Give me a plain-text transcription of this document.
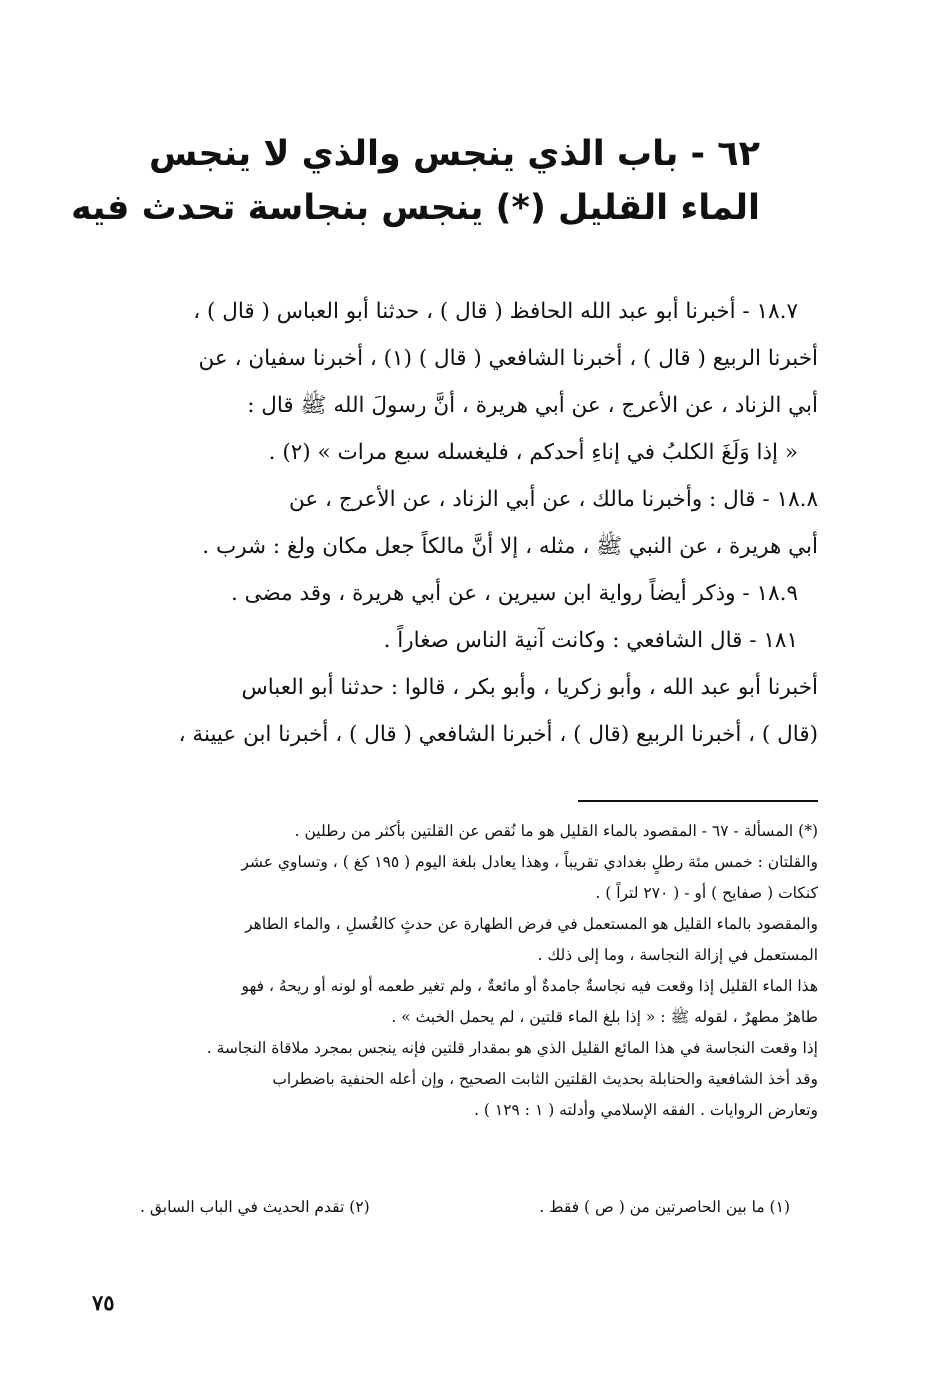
٦٢ - باب الذي ينجس والذي لا ينجس
الماء القليل (*) ينجس بنجاسة تحدث فيه

١٨.٧ - أخبرنا أبو عبد الله الحافظ ( قال ) ، حدثنا أبو العباس ( قال ) ،

أخبرنا الربيع ( قال ) ، أخبرنا الشافعي ( قال ) (١) ، أخبرنا سفيان ، عن

أبي الزناد ، عن الأعرج ، عن أبي هريرة ، أنَّ رسولَ الله ﷺ قال :

« إذا وَلَغَ الكلبُ في إناءِ أحدكم ، فليغسله سبع مرات » (٢) .

١٨.٨ - قال : وأخبرنا مالك ، عن أبي الزناد ، عن الأعرج ، عن

أبي هريرة ، عن النبي ﷺ ، مثله ، إلا أنَّ مالكاً جعل مكان ولغ : شرب .

١٨.٩ - وذكر أيضاً رواية ابن سيرين ، عن أبي هريرة ، وقد مضى .

١٨١ - قال الشافعي : وكانت آنية الناس صغاراً .

أخبرنا أبو عبد الله ، وأبو زكريا ، وأبو بكر ، قالوا : حدثنا أبو العباس

(قال ) ، أخبرنا الربيع (قال ) ، أخبرنا الشافعي ( قال ) ، أخبرنا ابن عيينة ،

(*) المسألة - ٦٧ - المقصود بالماء القليل هو ما نُقص عن القلتين بأكثر من رطلين .

والقلتان : خمس مئة رطلٍ بغدادي تقريباً ، وهذا يعادل بلغة اليوم ( ١٩٥ كغ ) ، وتساوي عشر

كنكات ( صفايح ) أو - ( ٢٧٠ لتراً ) .

والمقصود بالماء القليل هو المستعمل في فرض الطهارة عن حدثٍ كالغُسلِ ، والماء الطاهر

المستعمل في إزالة النجاسة ، وما إلى ذلك .

هذا الماء القليل إذا وقعت فيه نجاسةٌ جامدةٌ أو مائعةٌ ، ولم تغير طعمه أو لونه أو ريحهُ ، فهو

طاهرٌ مطهرٌ ، لقوله ﷺ : « إذا بلغ الماء قلتين ، لم يحمل الخبث » .

إذا وقعت النجاسة في هذا المائع القليل الذي هو بمقدار قلتين فإنه ينجس بمجرد ملاقاة النجاسة .

وقد أخذ الشافعية والحنابلة بحديث القلتين الثابت الصحيح ، وإن أعله الحنفية باضطراب

وتعارض الروايات . الفقه الإسلامي وأدلته ( ١ : ١٢٩ ) .

(١) ما بين الحاصرتين من ( ص ) فقط .
(٢) تقدم الحديث في الباب السابق .
٧٥
